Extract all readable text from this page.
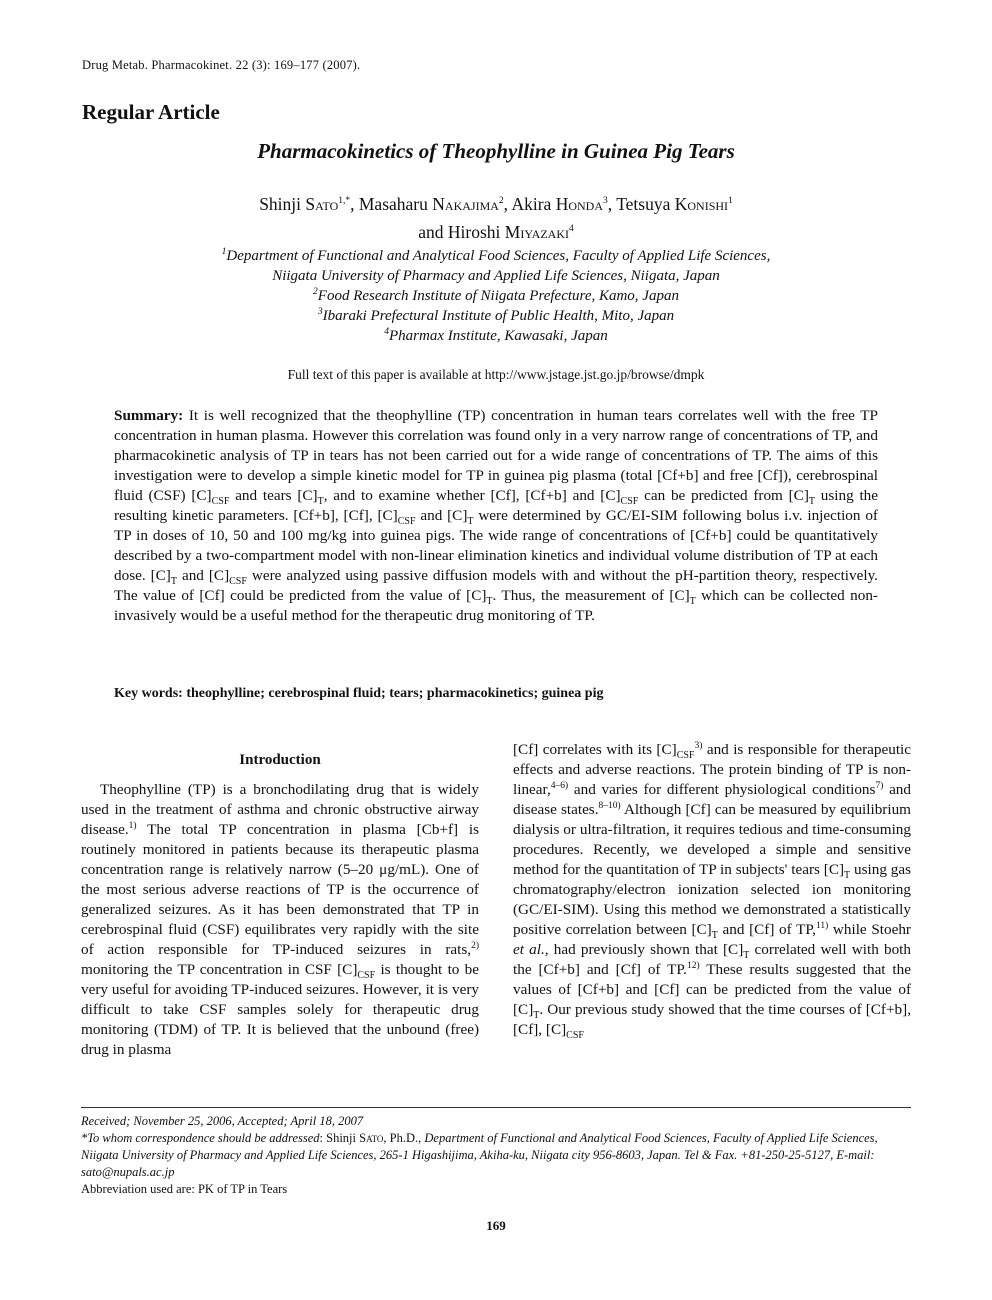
Drug Metab. Pharmacokinet. 22 (3): 169–177 (2007).
Regular Article
Pharmacokinetics of Theophylline in Guinea Pig Tears
Shinji Sato$^{1,*}$, Masaharu Nakajima$^2$, Akira Honda$^3$, Tetsuya Konishi$^1$
and Hiroshi Miyazaki$^4$
$^1$Department of Functional and Analytical Food Sciences, Faculty of Applied Life Sciences,
Niigata University of Pharmacy and Applied Life Sciences, Niigata, Japan
$^2$Food Research Institute of Niigata Prefecture, Kamo, Japan
$^3$Ibaraki Prefectural Institute of Public Health, Mito, Japan
$^4$Pharmax Institute, Kawasaki, Japan
Full text of this paper is available at http://www.jstage.jst.go.jp/browse/dmpk
Summary: It is well recognized that the theophylline (TP) concentration in human tears correlates well with the free TP concentration in human plasma. However this correlation was found only in a very narrow range of concentrations of TP, and pharmacokinetic analysis of TP in tears has not been carried out for a wide range of concentrations of TP. The aims of this investigation were to develop a simple kinetic model for TP in guinea pig plasma (total [Cf+b] and free [Cf]), cerebrospinal fluid (CSF) $[C]_{CSF}$ and tears $[C]_T$, and to examine whether [Cf], [Cf+b] and $[C]_{CSF}$ can be predicted from $[C]_T$ using the resulting kinetic parameters. [Cf+b], [Cf], $[C]_{CSF}$ and $[C]_T$ were determined by GC/EI-SIM following bolus i.v. injection of TP in doses of 10, 50 and 100 mg/kg into guinea pigs. The wide range of concentrations of [Cf+b] could be quantitatively described by a two-compartment model with non-linear elimination kinetics and individual volume distribution of TP at each dose. $[C]_T$ and $[C]_{CSF}$ were analyzed using passive diffusion models with and without the pH-partition theory, respectively. The value of [Cf] could be predicted from the value of $[C]_T$. Thus, the measurement of $[C]_T$ which can be collected non-invasively would be a useful method for the therapeutic drug monitoring of TP.
Key words: theophylline; cerebrospinal fluid; tears; pharmacokinetics; guinea pig
Introduction

Theophylline (TP) is a bronchodilating drug that is widely used in the treatment of asthma and chronic obstructive airway disease.$^{1)}$ The total TP concentration in plasma [Cb+f] is routinely monitored in patients because its therapeutic plasma concentration range is relatively narrow (5–20 μg/mL). One of the most serious adverse reactions of TP is the occurrence of generalized seizures. As it has been demonstrated that TP in cerebrospinal fluid (CSF) equilibrates very rapidly with the site of action responsible for TP-induced seizures in rats,$^{2)}$ monitoring the TP concentration in CSF $[C]_{CSF}$ is thought to be very useful for avoiding TP-induced seizures. However, it is very difficult to take CSF samples solely for therapeutic drug monitoring (TDM) of TP. It is believed that the unbound (free) drug in plasma

[Cf] correlates with its $[C]_{CSF}^{3)}$ and is responsible for therapeutic effects and adverse reactions. The protein binding of TP is non-linear,$^{4-6)}$ and varies for different physiological conditions$^{7)}$ and disease states.$^{8-10)}$ Although [Cf] can be measured by equilibrium dialysis or ultra-filtration, it requires tedious and time-consuming procedures. Recently, we developed a simple and sensitive method for the quantitation of TP in subjects' tears $[C]_T$ using gas chromatography/electron ionization selected ion monitoring (GC/EI-SIM). Using this method we demonstrated a statistically positive correlation between $[C]_T$ and [Cf] of TP,$^{11)}$ while Stoehr et al., had previously shown that $[C]_T$ correlated well with both the [Cf+b] and [Cf] of TP.$^{12)}$ These results suggested that the values of [Cf+b] and [Cf] can be predicted from the value of $[C]_T$. Our previous study showed that the time courses of [Cf+b], [Cf], $[C]_{CSF}$

Received; November 25, 2006, Accepted; April 18, 2007
*To whom correspondence should be addressed: Shinji Sato, Ph.D., Department of Functional and Analytical Food Sciences, Faculty of Applied Life Sciences, Niigata University of Pharmacy and Applied Life Sciences, 265-1 Higashijima, Akiha-ku, Niigata city 956-8603, Japan. Tel & Fax. +81-250-25-5127, E-mail: sato@nupals.ac.jp
Abbreviation used are: PK of TP in Tears
169
